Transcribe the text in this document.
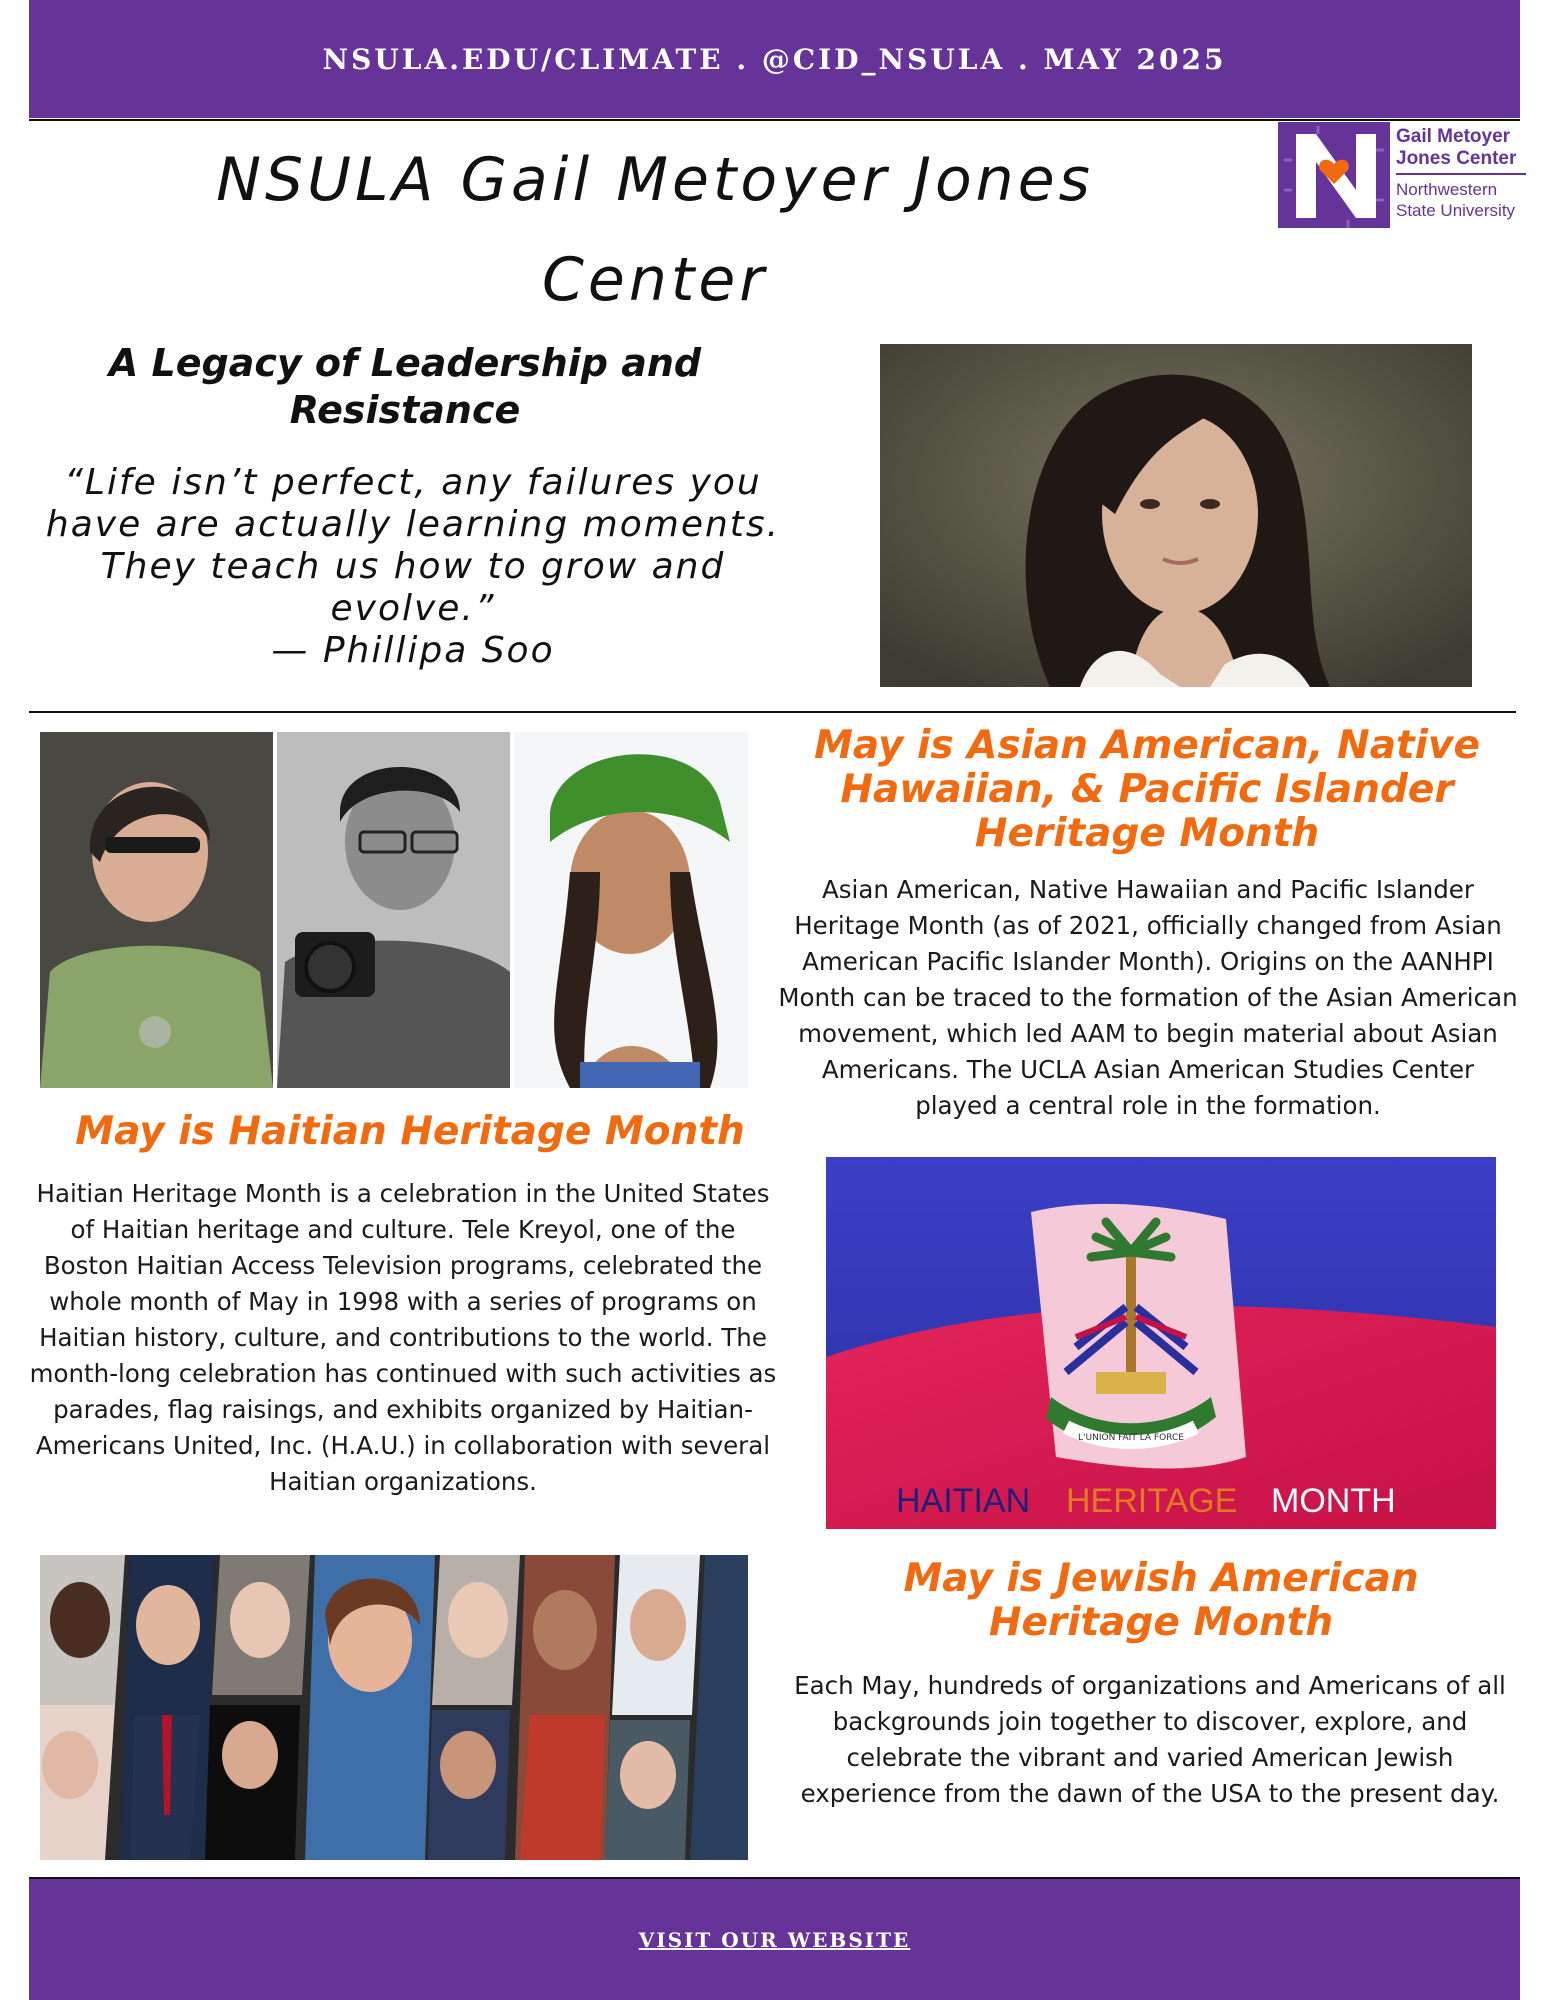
NSULA.EDU/CLIMATE . @CID_NSULA . MAY 2025
NSULA Gail Metoyer Jones Center
Gail Metoyer
Jones Center
Northwestern
State University
A Legacy of Leadership and Resistance
“Life isn’t perfect, any failures you have are actually learning moments. They teach us how to grow and evolve.”
— Phillipa Soo
May is Asian American, Native Hawaiian, & Pacific Islander Heritage Month

Asian American, Native Hawaiian and Pacific Islander Heritage Month (as of 2021, officially changed from Asian American Pacific Islander Month). Origins on the AANHPI Month can be traced to the formation of the Asian American movement, which led AAM to begin material about Asian Americans. The UCLA Asian American Studies Center played a central role in the formation.

May is Haitian Heritage Month

Haitian Heritage Month is a celebration in the United States of Haitian heritage and culture. Tele Kreyol, one of the Boston Haitian Access Television programs, celebrated the whole month of May in 1998 with a series of programs on Haitian history, culture, and contributions to the world. The month-long celebration has continued with such activities as parades, flag raisings, and exhibits organized by Haitian-Americans United, Inc. (H.A.U.) in collaboration with several Haitian organizations.

L'UNION FAIT LA FORCE
HAITIAN HERITAGE MONTH
May is Jewish American Heritage Month

Each May, hundreds of organizations and Americans of all backgrounds join together to discover, explore, and celebrate the vibrant and varied American Jewish experience from the dawn of the USA to the present day.

VISIT OUR WEBSITE
